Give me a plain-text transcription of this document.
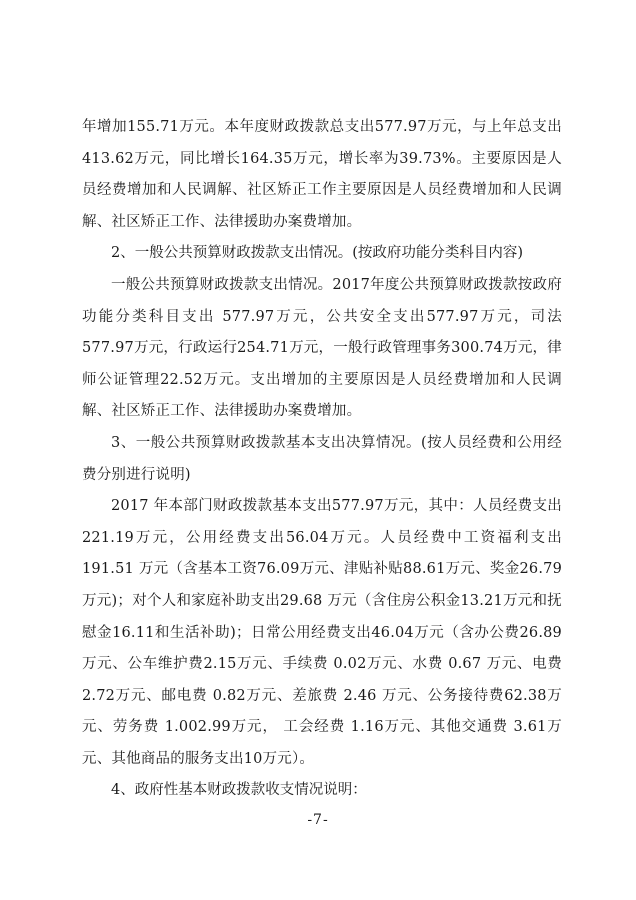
年增加155.71万元。本年度财政拨款总支出577.97万元，与上年总支出413.62万元，同比增长164.35万元，增长率为39.73%。主要原因是人员经费增加和人民调解、社区矫正工作主要原因是人员经费增加和人民调解、社区矫正工作、法律援助办案费增加。

2、一般公共预算财政拨款支出情况。(按政府功能分类科目内容)

一般公共预算财政拨款支出情况。2017年度公共预算财政拨款按政府功能分类科目支出 577.97万元，公共安全支出577.97万元，司法577.97万元，行政运行254.71万元，一般行政管理事务300.74万元，律师公证管理22.52万元。支出增加的主要原因是人员经费增加和人民调解、社区矫正工作、法律援助办案费增加。

3、一般公共预算财政拨款基本支出决算情况。(按人员经费和公用经费分别进行说明)

2017 年本部门财政拨款基本支出577.97万元，其中：人员经费支出221.19万元，公用经费支出56.04万元。人员经费中工资福利支出191.51 万元（含基本工资76.09万元、津贴补贴88.61万元、奖金26.79 万元)；对个人和家庭补助支出29.68 万元（含住房公积金13.21万元和抚慰金16.11和生活补助)；日常公用经费支出46.04万元（含办公费26.89万元、公车维护费2.15万元、手续费 0.02万元、水费 0.67 万元、电费 2.72万元、邮电费 0.82万元、差旅费 2.46 万元、公务接待费62.38万元、劳务费 1.002.99万元， 工会经费 1.16万元、其他交通费 3.61万元、其他商品的服务支出10万元）。

4、政府性基本财政拨款收支情况说明：

-7-
